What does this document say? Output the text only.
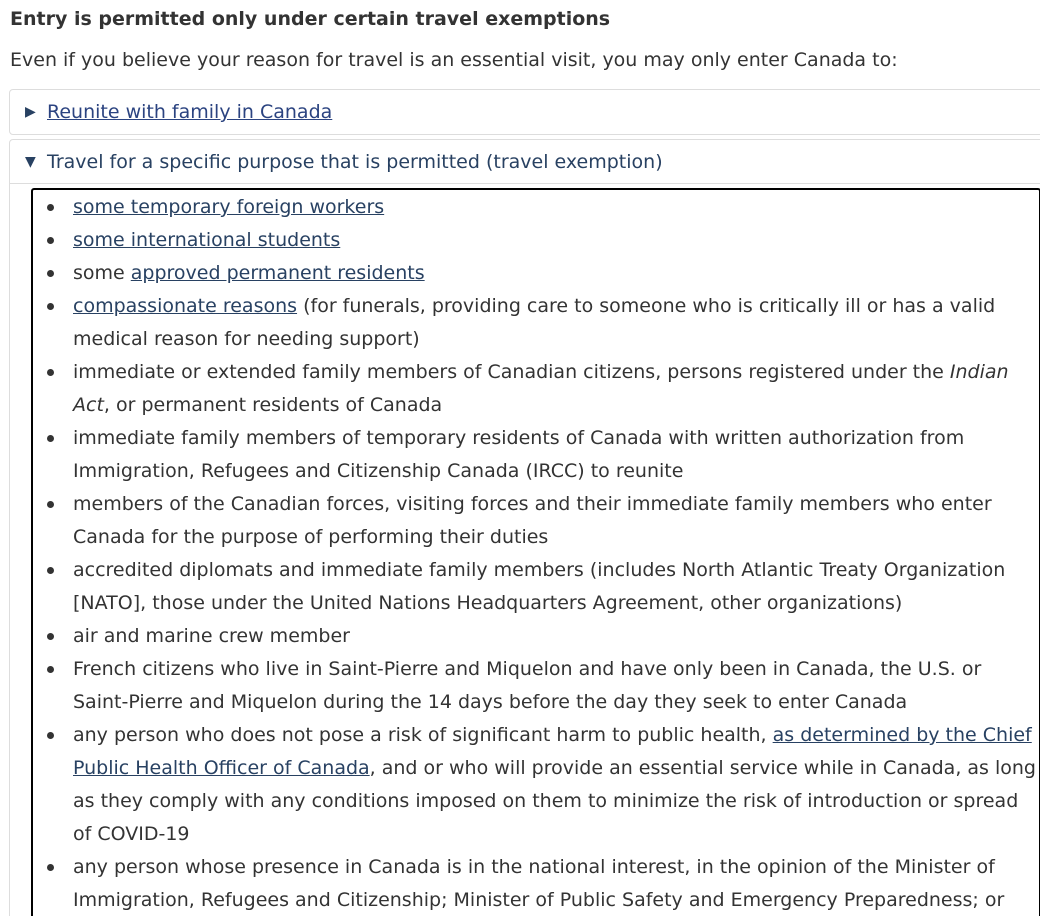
Entry is permitted only under certain travel exemptions

Even if you believe your reason for travel is an essential visit, you may only enter Canada to:

▶ Reunite with family in Canada
▼ Travel for a specific purpose that is permitted (travel exemption)
some temporary foreign workers
some international students
some approved permanent residents
compassionate reasons (for funerals, providing care to someone who is critically ill or has a valid medical reason for needing support)
immediate or extended family members of Canadian citizens, persons registered under the Indian Act, or permanent residents of Canada
immediate family members of temporary residents of Canada with written authorization from Immigration, Refugees and Citizenship Canada (IRCC) to reunite
members of the Canadian forces, visiting forces and their immediate family members who enter Canada for the purpose of performing their duties
accredited diplomats and immediate family members (includes North Atlantic Treaty Organization [NATO], those under the United Nations Headquarters Agreement, other organizations)
air and marine crew member
French citizens who live in Saint-Pierre and Miquelon and have only been in Canada, the U.S. or Saint-Pierre and Miquelon during the 14 days before the day they seek to enter Canada
any person who does not pose a risk of significant harm to public health, as determined by the Chief Public Health Officer of Canada, and or who will provide an essential service while in Canada, as long as they comply with any conditions imposed on them to minimize the risk of introduction or spread of COVID-19
any person whose presence in Canada is in the national interest, in the opinion of the Minister of Immigration, Refugees and Citizenship; Minister of Public Safety and Emergency Preparedness; or
